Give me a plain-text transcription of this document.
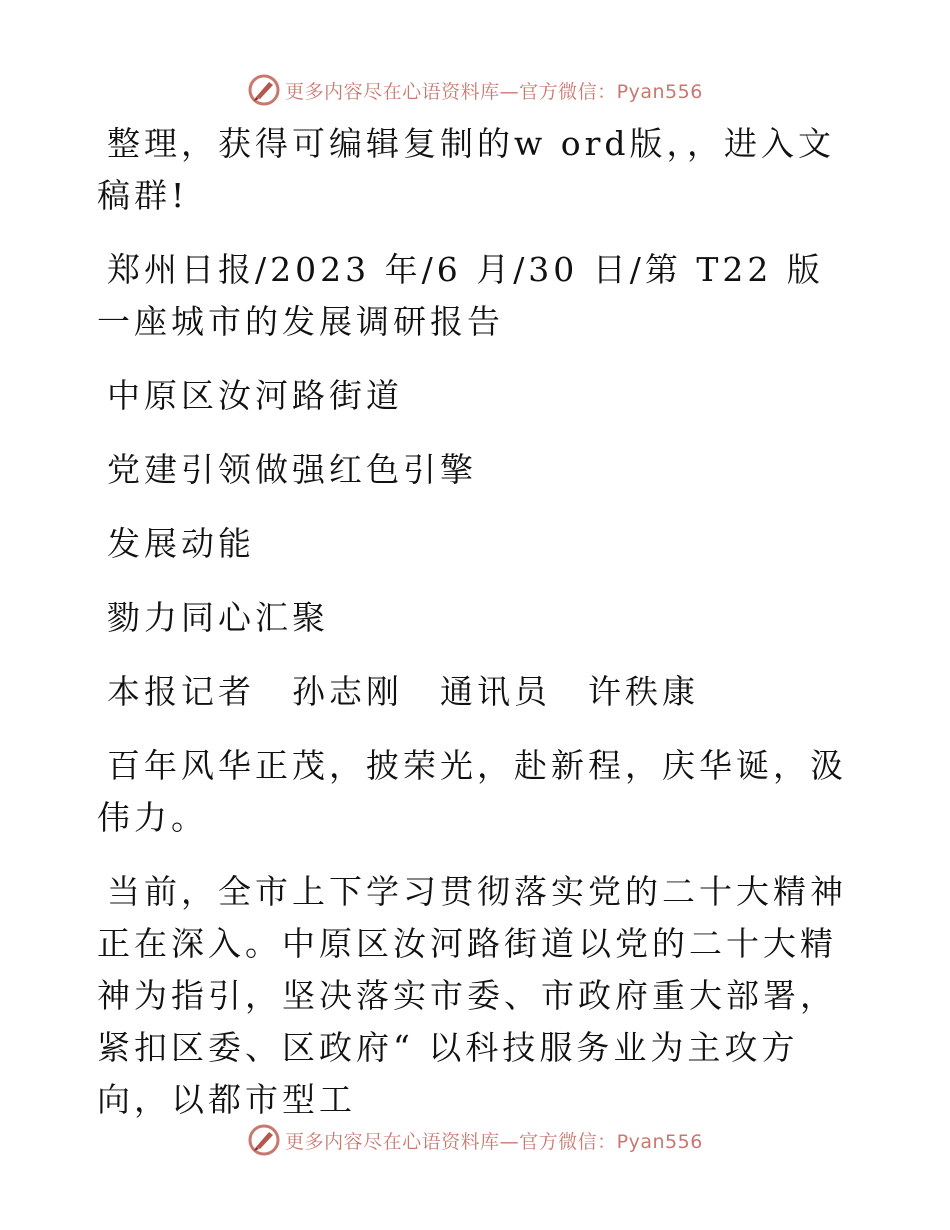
更多内容尽在心语资料库—官方微信：Pyan556

整理，获得可编辑复制的w ord版，，进入文稿群!

郑州日报/2023 年/6 月/30 日/第 T22 版一座城市的发展调研报告

中原区汝河路街道

党建引领做强红色引擎

发展动能

勠力同心汇聚

本报记者　孙志刚　通讯员　许秩康

百年风华正茂，披荣光，赴新程，庆华诞，汲伟力。

当前，全市上下学习贯彻落实党的二十大精神正在深入。中原区汝河路街道以党的二十大精神为指引，坚决落实市委、市政府重大部署，紧扣区委、区政府“ 以科技服务业为主攻方向，以都市型工

更多内容尽在心语资料库—官方微信：Pyan556
